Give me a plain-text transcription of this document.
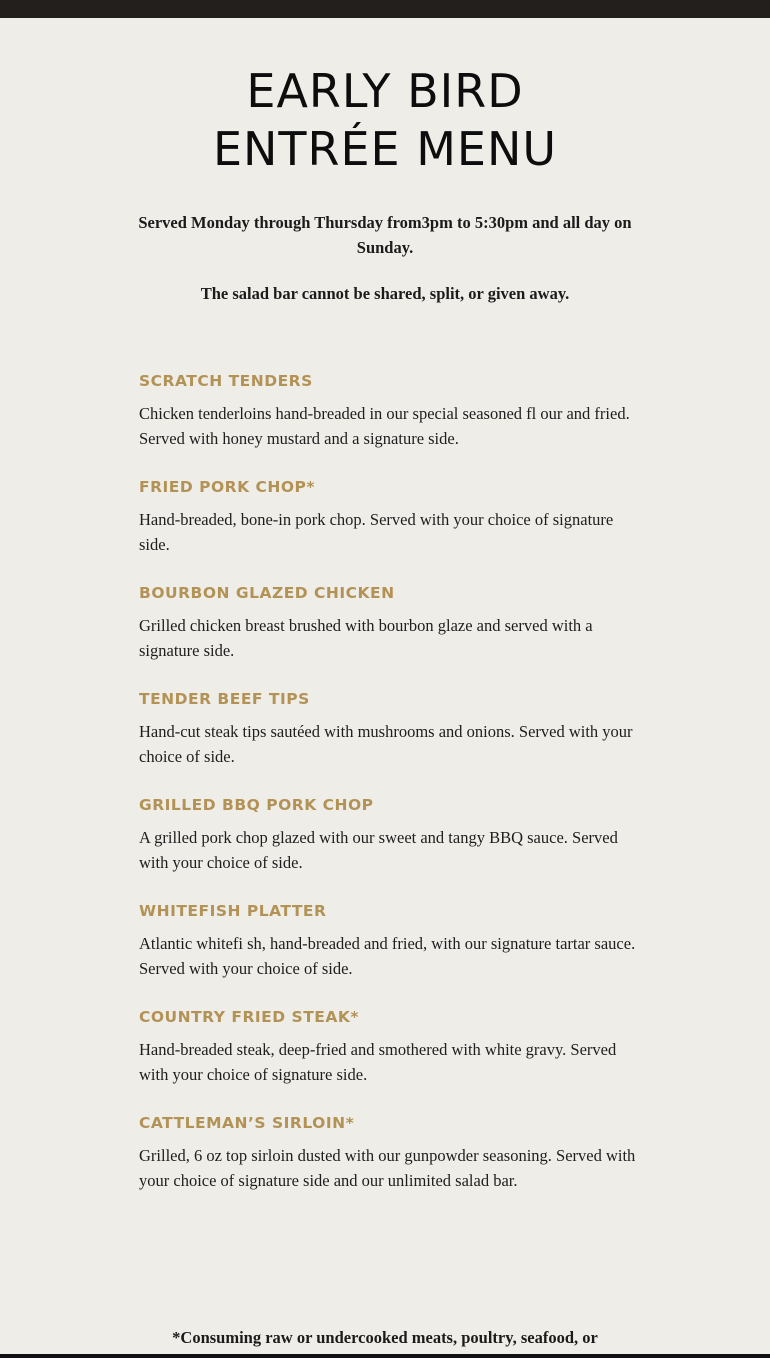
EARLY BIRD
ENTRÉE MENU

Served Monday through Thursday from3pm to 5:30pm and all day on Sunday.

The salad bar cannot be shared, split, or given away.

SCRATCH TENDERS

Chicken tenderloins hand-breaded in our special seasoned fl our and fried. Served with honey mustard and a signature side.

FRIED PORK CHOP*

Hand-breaded, bone-in pork chop. Served with your choice of signature side.

BOURBON GLAZED CHICKEN

Grilled chicken breast brushed with bourbon glaze and served with a signature side.

TENDER BEEF TIPS

Hand-cut steak tips sautéed with mushrooms and onions. Served with your choice of side.

GRILLED BBQ PORK CHOP

A grilled pork chop glazed with our sweet and tangy BBQ sauce. Served with your choice of side.

WHITEFISH PLATTER

Atlantic whitefi sh, hand-breaded and fried, with our signature tartar sauce. Served with your choice of side.

COUNTRY FRIED STEAK*

Hand-breaded steak, deep-fried and smothered with white gravy. Served with your choice of signature side.

CATTLEMAN’S SIRLOIN*

Grilled, 6 oz top sirloin dusted with our gunpowder seasoning. Served with your choice of signature side and our unlimited salad bar.

*Consuming raw or undercooked meats, poultry, seafood, or
